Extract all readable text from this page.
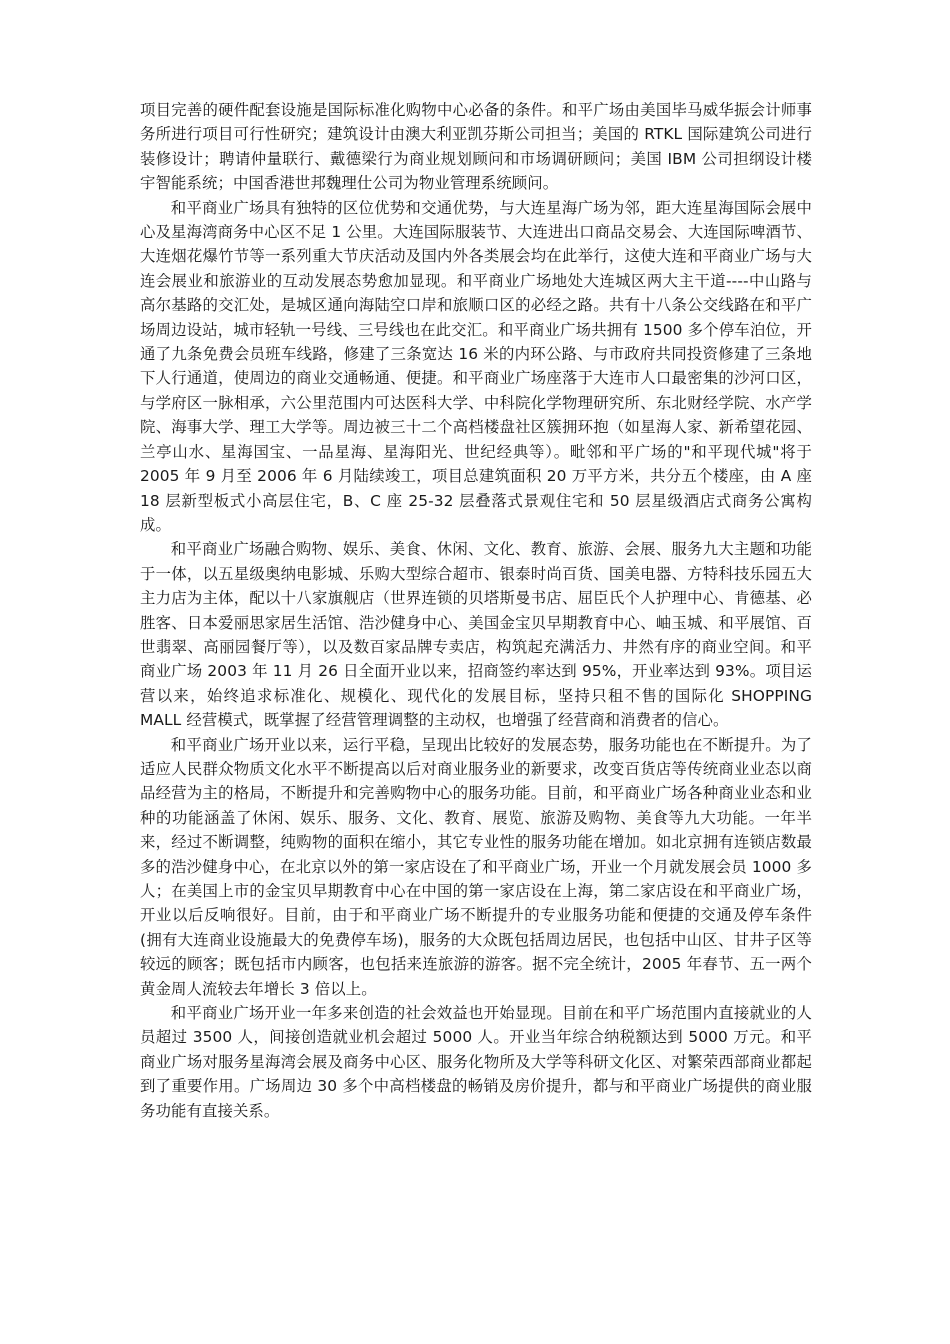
项目完善的硬件配套设施是国际标准化购物中心必备的条件。和平广场由美国毕马威华振会计师事务所进行项目可行性研究；建筑设计由澳大利亚凯芬斯公司担当；美国的 RTKL 国际建筑公司进行装修设计；聘请仲量联行、戴德梁行为商业规划顾问和市场调研顾问；美国 IBM 公司担纲设计楼宇智能系统；中国香港世邦魏理仕公司为物业管理系统顾问。

和平商业广场具有独特的区位优势和交通优势，与大连星海广场为邻，距大连星海国际会展中心及星海湾商务中心区不足 1 公里。大连国际服装节、大连进出口商品交易会、大连国际啤酒节、大连烟花爆竹节等一系列重大节庆活动及国内外各类展会均在此举行，这使大连和平商业广场与大连会展业和旅游业的互动发展态势愈加显现。和平商业广场地处大连城区两大主干道----中山路与高尔基路的交汇处，是城区通向海陆空口岸和旅顺口区的必经之路。共有十八条公交线路在和平广场周边设站，城市轻轨一号线、三号线也在此交汇。和平商业广场共拥有 1500 多个停车泊位，开通了九条免费会员班车线路，修建了三条宽达 16 米的内环公路、与市政府共同投资修建了三条地下人行通道，使周边的商业交通畅通、便捷。和平商业广场座落于大连市人口最密集的沙河口区，与学府区一脉相承，六公里范围内可达医科大学、中科院化学物理研究所、东北财经学院、水产学院、海事大学、理工大学等。周边被三十二个高档楼盘社区簇拥环抱（如星海人家、新希望花园、兰亭山水、星海国宝、一品星海、星海阳光、世纪经典等）。毗邻和平广场的"和平现代城"将于 2005 年 9 月至 2006 年 6 月陆续竣工，项目总建筑面积 20 万平方米，共分五个楼座，由 A 座 18 层新型板式小高层住宅，B、C 座 25-32 层叠落式景观住宅和 50 层星级酒店式商务公寓构成。

和平商业广场融合购物、娱乐、美食、休闲、文化、教育、旅游、会展、服务九大主题和功能于一体，以五星级奥纳电影城、乐购大型综合超市、银泰时尚百货、国美电器、方特科技乐园五大主力店为主体，配以十八家旗舰店（世界连锁的贝塔斯曼书店、屈臣氏个人护理中心、肯德基、必胜客、日本爱丽思家居生活馆、浩沙健身中心、美国金宝贝早期教育中心、岫玉城、和平展馆、百世翡翠、高丽园餐厅等），以及数百家品牌专卖店，构筑起充满活力、井然有序的商业空间。和平商业广场 2003 年 11 月 26 日全面开业以来，招商签约率达到 95%，开业率达到 93%。项目运营以来，始终追求标准化、规模化、现代化的发展目标，坚持只租不售的国际化 SHOPPING MALL 经营模式，既掌握了经营管理调整的主动权，也增强了经营商和消费者的信心。

和平商业广场开业以来，运行平稳，呈现出比较好的发展态势，服务功能也在不断提升。为了适应人民群众物质文化水平不断提高以后对商业服务业的新要求，改变百货店等传统商业业态以商品经营为主的格局，不断提升和完善购物中心的服务功能。目前，和平商业广场各种商业业态和业种的功能涵盖了休闲、娱乐、服务、文化、教育、展览、旅游及购物、美食等九大功能。一年半来，经过不断调整，纯购物的面积在缩小，其它专业性的服务功能在增加。如北京拥有连锁店数最多的浩沙健身中心，在北京以外的第一家店设在了和平商业广场，开业一个月就发展会员 1000 多人；在美国上市的金宝贝早期教育中心在中国的第一家店设在上海，第二家店设在和平商业广场，开业以后反响很好。目前，由于和平商业广场不断提升的专业服务功能和便捷的交通及停车条件(拥有大连商业设施最大的免费停车场)，服务的大众既包括周边居民，也包括中山区、甘井子区等较远的顾客；既包括市内顾客，也包括来连旅游的游客。据不完全统计，2005 年春节、五一两个黄金周人流较去年增长 3 倍以上。

和平商业广场开业一年多来创造的社会效益也开始显现。目前在和平广场范围内直接就业的人员超过 3500 人，间接创造就业机会超过 5000 人。开业当年综合纳税额达到 5000 万元。和平商业广场对服务星海湾会展及商务中心区、服务化物所及大学等科研文化区、对繁荣西部商业都起到了重要作用。广场周边 30 多个中高档楼盘的畅销及房价提升，都与和平商业广场提供的商业服务功能有直接关系。
